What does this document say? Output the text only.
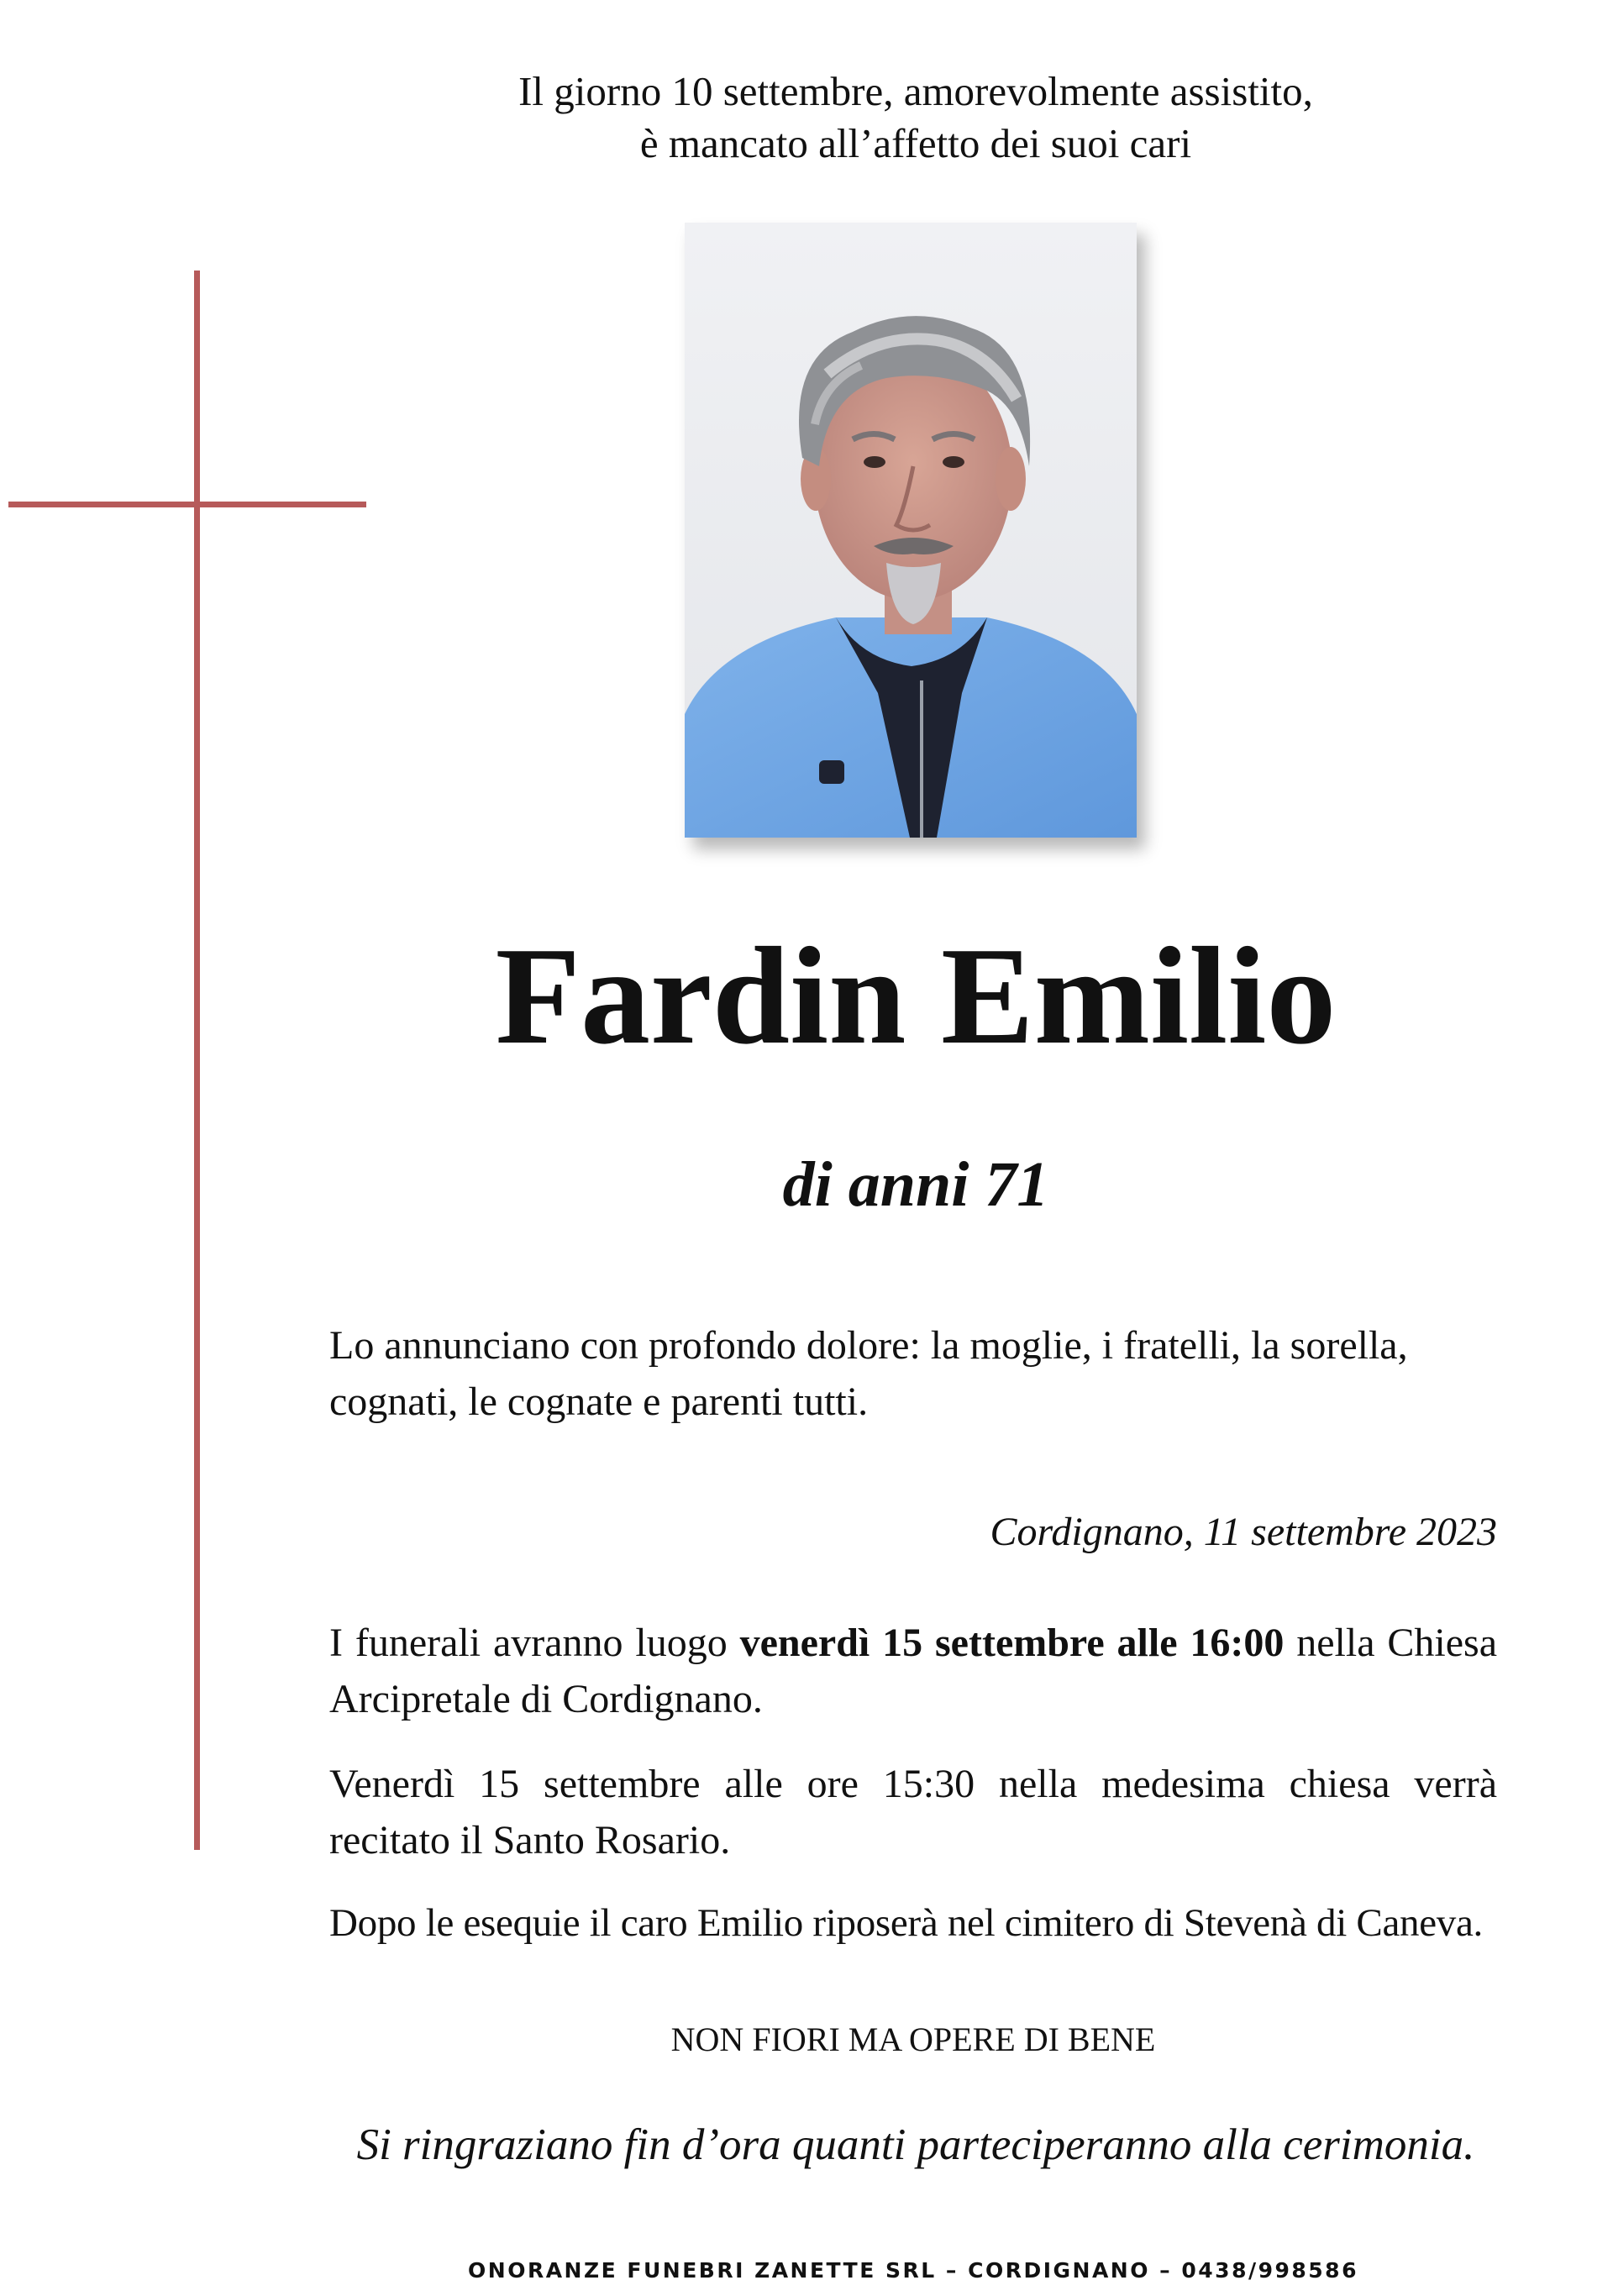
Il giorno 10 settembre, amorevolmente assistito,
è mancato all’affetto dei suoi cari
Fardin Emilio
di anni 71
Lo annunciano con profondo dolore: la moglie, i fratelli, la sorella,
cognati, le cognate e parenti tutti.
Cordignano, 11 settembre 2023
I funerali avranno luogo venerdì 15 settembre alle 16:00 nella Chiesa Arcipretale di Cordignano.
Venerdì 15 settembre alle ore 15:30 nella medesima chiesa verrà recitato il Santo Rosario.
Dopo le esequie il caro Emilio riposerà nel cimitero di Stevenà di Caneva.
NON FIORI MA OPERE DI BENE
Si ringraziano fin d’ora quanti parteciperanno alla cerimonia.
ONORANZE FUNEBRI ZANETTE SRL – CORDIGNANO – 0438/998586
